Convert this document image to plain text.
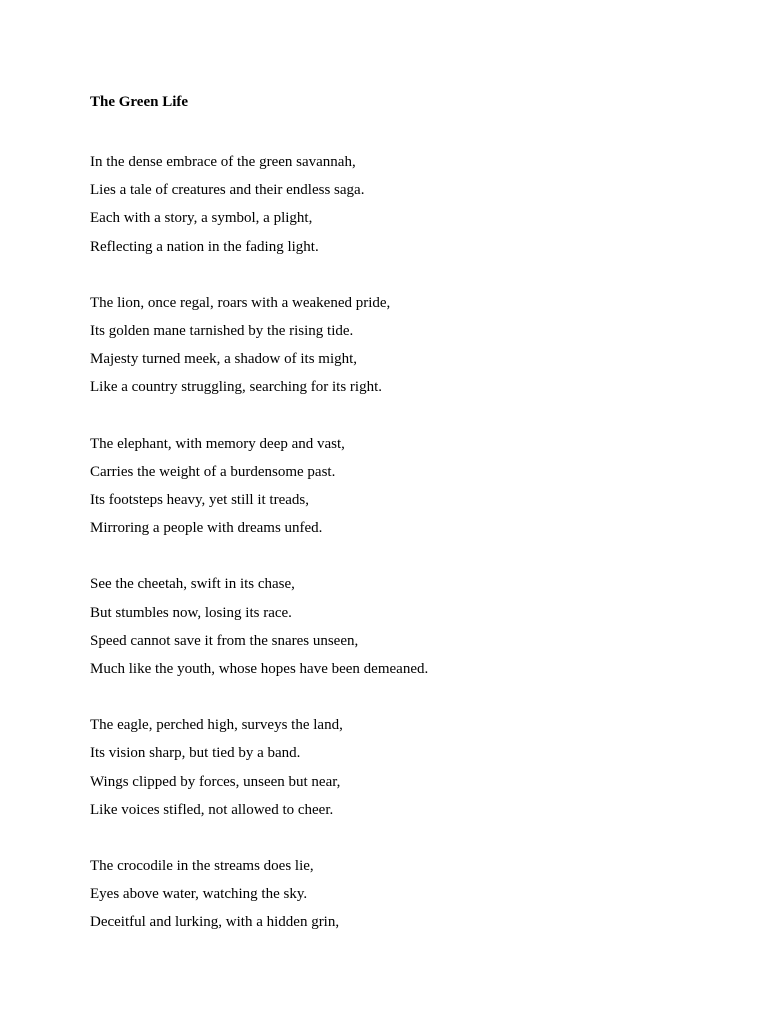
The Green Life
In the dense embrace of the green savannah,
Lies a tale of creatures and their endless saga.
Each with a story, a symbol, a plight,
Reflecting a nation in the fading light.
The lion, once regal, roars with a weakened pride,
Its golden mane tarnished by the rising tide.
Majesty turned meek, a shadow of its might,
Like a country struggling, searching for its right.
The elephant, with memory deep and vast,
Carries the weight of a burdensome past.
Its footsteps heavy, yet still it treads,
Mirroring a people with dreams unfed.
See the cheetah, swift in its chase,
But stumbles now, losing its race.
Speed cannot save it from the snares unseen,
Much like the youth, whose hopes have been demeaned.
The eagle, perched high, surveys the land,
Its vision sharp, but tied by a band.
Wings clipped by forces, unseen but near,
Like voices stifled, not allowed to cheer.
The crocodile in the streams does lie,
Eyes above water, watching the sky.
Deceitful and lurking, with a hidden grin,
